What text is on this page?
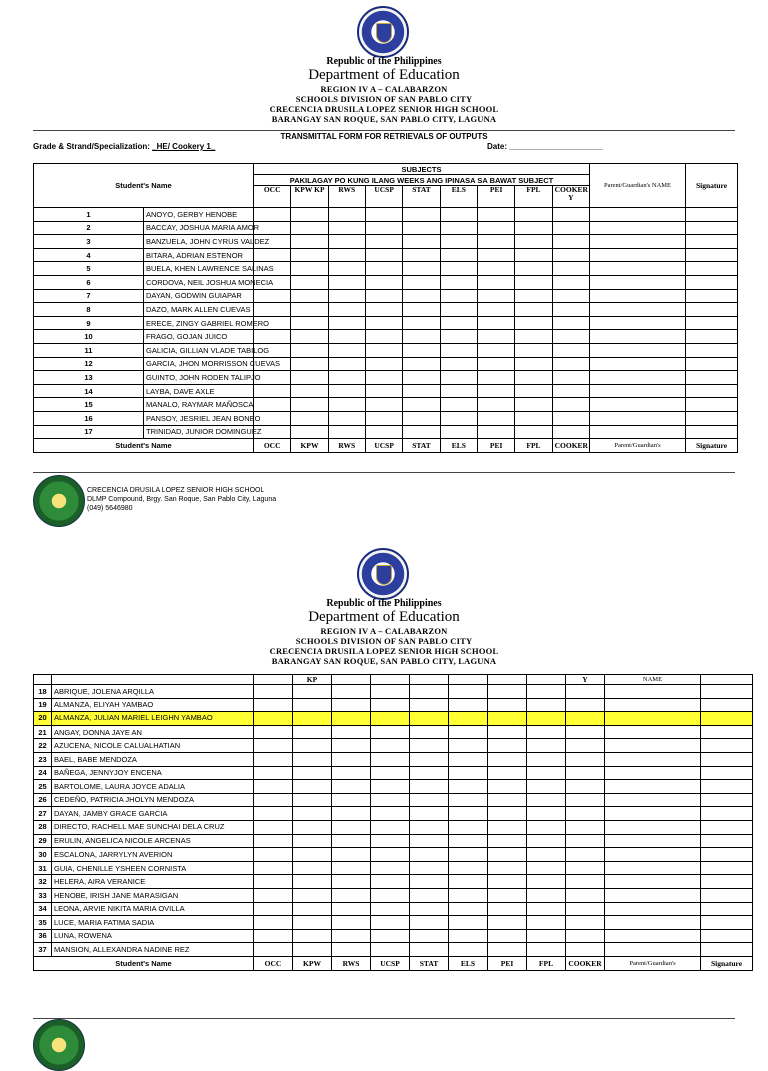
Republic of the Philippines
Department of Education
REGION IV A – CALABARZON
SCHOOLS DIVISION OF SAN PABLO CITY
CRECENCIA DRUSILA LOPEZ SENIOR HIGH SCHOOL
BARANGAY SAN ROQUE, SAN PABLO CITY, LAGUNA
TRANSMITTAL FORM FOR RETRIEVALS OF OUTPUTS
Grade & Strand/Specialization: _HE/ Cookery 1_	Date: _____________________
Student's Name		SUBJECTS									Parent/Guardian's NAME	Signature
		PAKILAGAY PO KUNG ILANG WEEKS ANG IPINASA SA BAWAT SUBJECT										
		OCC	KPW KP	RWS	UCSP	STAT	ELS	PEI	FPL	COOKER Y		
1	ANOYO, GERBY HENOBE											
2	BACCAY, JOSHUA MARIA AMOR											
3	BANZUELA, JOHN CYRUS VALDEZ											
4	BITARA, ADRIAN ESTENOR											
5	BUELA, KHEN LAWRENCE SALINAS											
6	CORDOVA, NEIL JOSHUA MONECIA											
7	DAYAN, GODWIN GUIAPAR											
8	DAZO, MARK ALLEN CUEVAS											
9	ERECE, ZINGY GABRIEL ROMERO											
10	FRAGO, GOJAN JUICO											
11	GALICIA, GILLIAN VLADE TABILOG											
12	GARCIA, JHON MORRISSON CUEVAS											
13	GUINTO, JOHN RODEN TALIPJO											
14	LAYBA, DAVE AXLE											
15	MANALO, RAYMAR MAÑOSCA											
16	PANSOY, JESRIEL JEAN BONEO											
17	TRINIDAD, JUNIOR DOMINGUEZ											
Student's Name		OCC	KPW	RWS	UCSP	STAT	ELS	PEI	FPL	COOKER	Parent/Guardian's	Signature
CRECENCIA DRUSILA LOPEZ SENIOR HIGH SCHOOL
DLMP Compound, Brgy. San Roque, San Pablo City, Laguna
(049) 5646980
Republic of the Philippines
Department of Education
REGION IV A – CALABARZON
SCHOOLS DIVISION OF SAN PABLO CITY
CRECENCIA DRUSILA LOPEZ SENIOR HIGH SCHOOL
BARANGAY SAN ROQUE, SAN PABLO CITY, LAGUNA
			KP							Y	NAME	
18	ABRIQUE, JOLENA ARQILLA											
19	ALMANZA, ELIYAH YAMBAO											
20	ALMANZA, JULIAN MARIEL LEIGHN YAMBAO											
21	ANGAY, DONNA JAYE AN											
22	AZUCENA, NICOLE CALUALHATIAN											
23	BAEL, BABE MENDOZA											
24	BAÑEGA, JENNYJOY ENCENA											
25	BARTOLOME, LAURA JOYCE ADALIA											
26	CEDEÑO, PATRICIA JHOLYN MENDOZA											
27	DAYAN, JAMBY GRACE GARCIA											
28	DIRECTO, RACHELL MAE SUNCHAI DELA CRUZ											
29	ERULIN, ANGELICA NICOLE ARCENAS											
30	ESCALONA, JARRYLYN AVERION											
31	GUIA, CHENILLE YSHEEN CORNISTA											
32	HELERA, AIRA VERANICE											
33	HENOBE, IRISH JANE MARASIGAN											
34	LEONA, ARVIE NIKITA MARIA OVILLA											
35	LUCE, MARIA FATIMA SADIA											
36	LUNA, ROWENA											
37	MANSION, ALLEXANDRA NADINE REZ											
Student's Name		OCC	KPW	RWS	UCSP	STAT	ELS	PEI	FPL	COOKER	Parent/Guardian's	Signature
